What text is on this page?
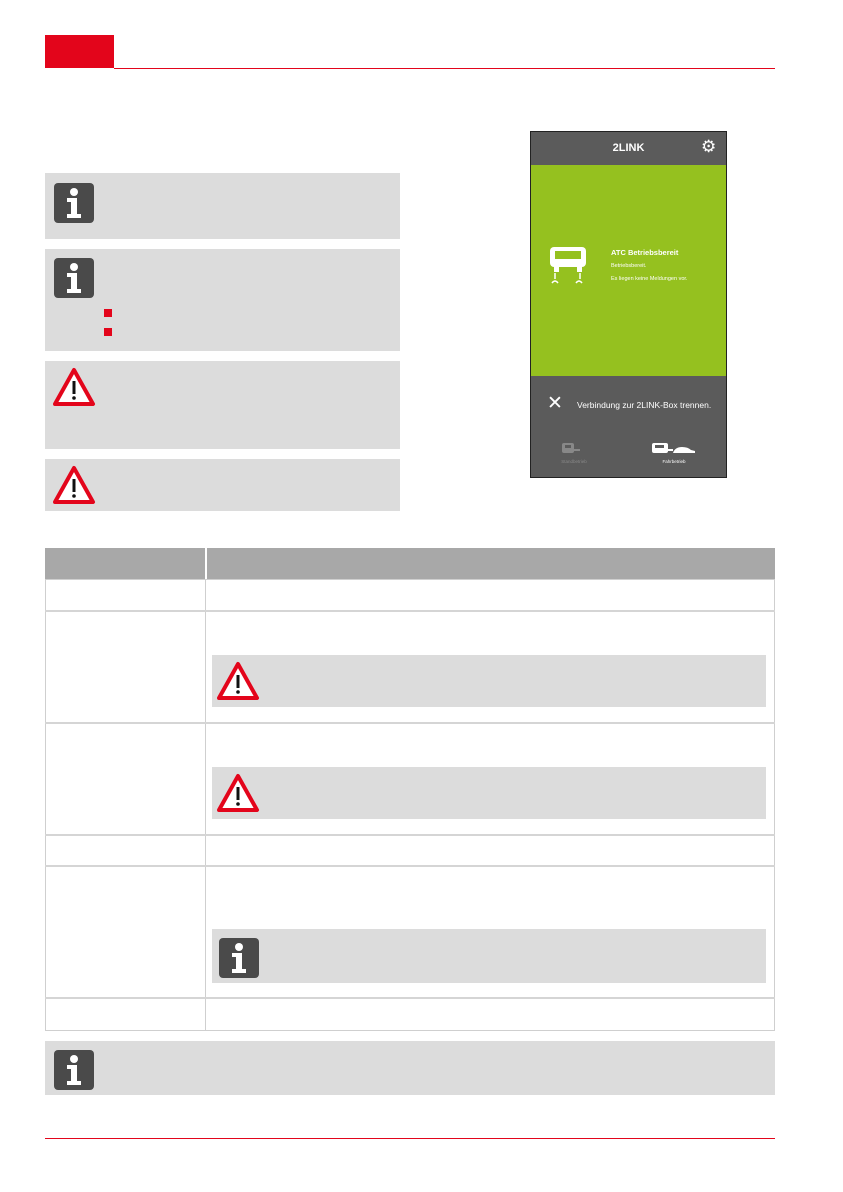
2LINK	⚙
ATC Betriebsbereit
Betriebsbereit.
Es liegen keine Meldungen vor.
✕ Verbindung zur 2LINK-Box trennen.
Standbetrieb	Fahrbetrieb
